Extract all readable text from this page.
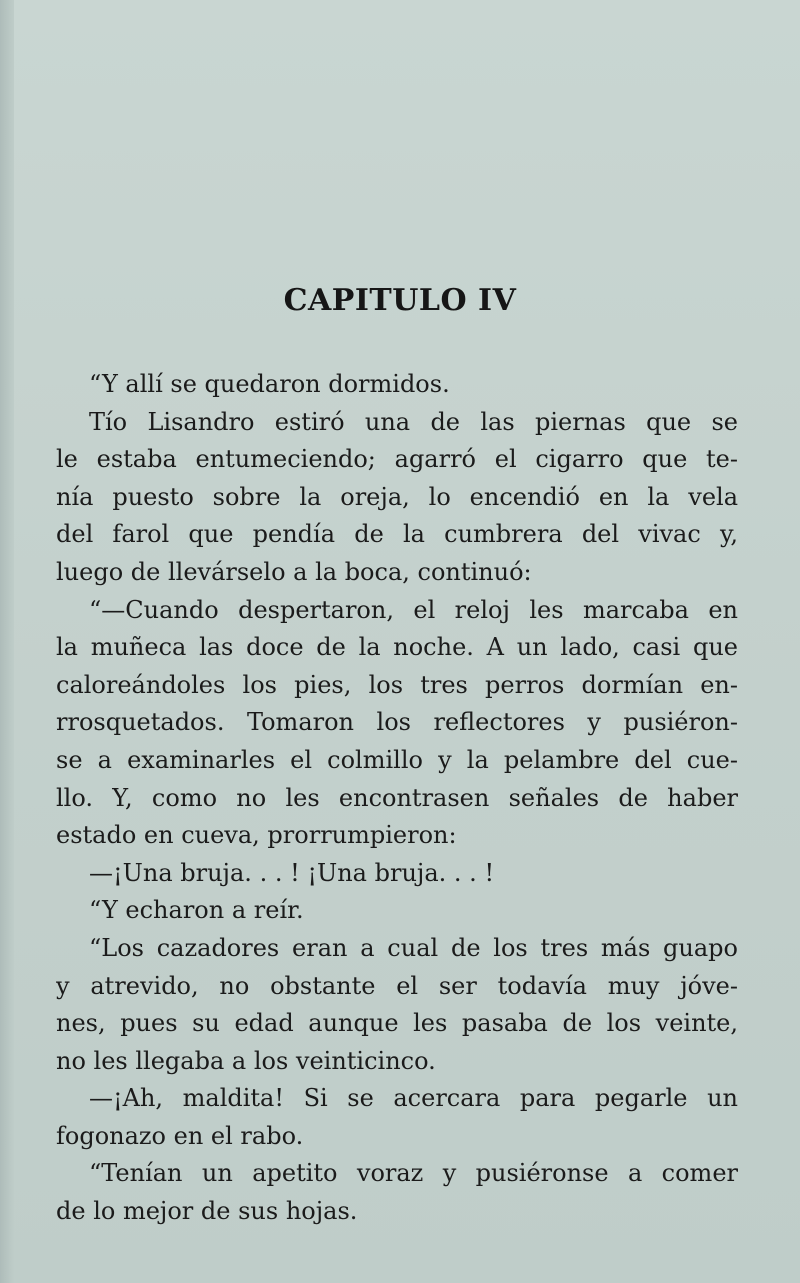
CAPITULO IV
“Y allí se quedaron dormidos.
Tío Lisandro estiró una de las piernas que se
le estaba entumeciendo; agarró el cigarro que te-
nía puesto sobre la oreja, lo encendió en la vela
del farol que pendía de la cumbrera del vivac y,
luego de llevárselo a la boca, continuó:
“—Cuando despertaron, el reloj les marcaba en
la muñeca las doce de la noche. A un lado, casi que
caloreándoles los pies, los tres perros dormían en-
rrosquetados. Tomaron los reflectores y pusiéron-
se a examinarles el colmillo y la pelambre del cue-
llo. Y, como no les encontrasen señales de haber
estado en cueva, prorrumpieron:
—¡Una bruja. . . ! ¡Una bruja. . . !
“Y echaron a reír.
“Los cazadores eran a cual de los tres más guapo
y atrevido, no obstante el ser todavía muy jóve-
nes, pues su edad aunque les pasaba de los veinte,
no les llegaba a los veinticinco.
—¡Ah, maldita! Si se acercara para pegarle un
fogonazo en el rabo.
“Tenían un apetito voraz y pusiéronse a comer
de lo mejor de sus hojas.
